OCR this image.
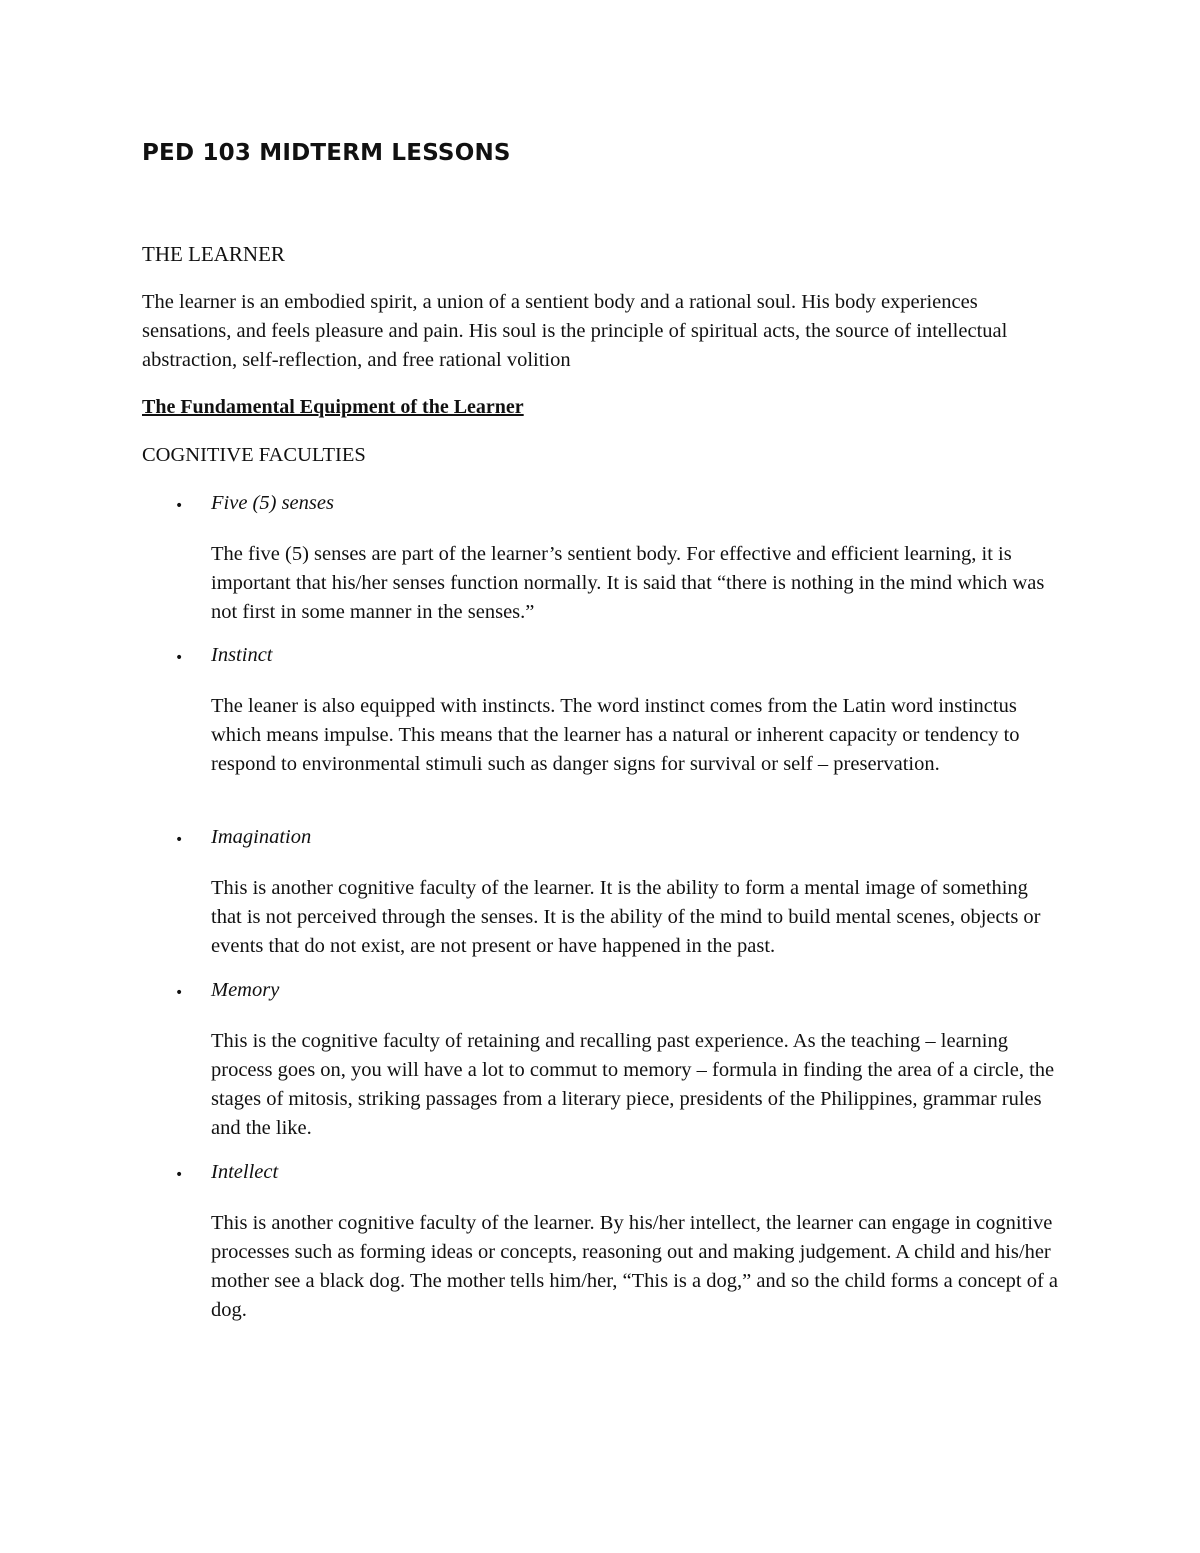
PED 103 MIDTERM LESSONS
THE LEARNER

The learner is an embodied spirit, a union of a sentient body and a rational soul. His body experiences sensations, and feels pleasure and pain. His soul is the principle of spiritual acts, the source of intellectual abstraction, self-reflection, and free rational volition

The Fundamental Equipment of the Learner
COGNITIVE FACULTIES
• Five (5) senses

The five (5) senses are part of the learner’s sentient body. For effective and efficient learning, it is important that his/her senses function normally. It is said that “there is nothing in the mind which was not first in some manner in the senses.”

• Instinct

The leaner is also equipped with instincts. The word instinct comes from the Latin word instinctus which means impulse. This means that the learner has a natural or inherent capacity or tendency to respond to environmental stimuli such as danger signs for survival or self – preservation.

• Imagination

This is another cognitive faculty of the learner. It is the ability to form a mental image of something that is not perceived through the senses. It is the ability of the mind to build mental scenes, objects or events that do not exist, are not present or have happened in the past.

• Memory

This is the cognitive faculty of retaining and recalling past experience. As the teaching – learning process goes on, you will have a lot to commut to memory – formula in finding the area of a circle, the stages of mitosis, striking passages from a literary piece, presidents of the Philippines, grammar rules and the like.

• Intellect

This is another cognitive faculty of the learner. By his/her intellect, the learner can engage in cognitive processes such as forming ideas or concepts, reasoning out and making judgement. A child and his/her mother see a black dog. The mother tells him/her, “This is a dog,” and so the child forms a concept of a dog.
